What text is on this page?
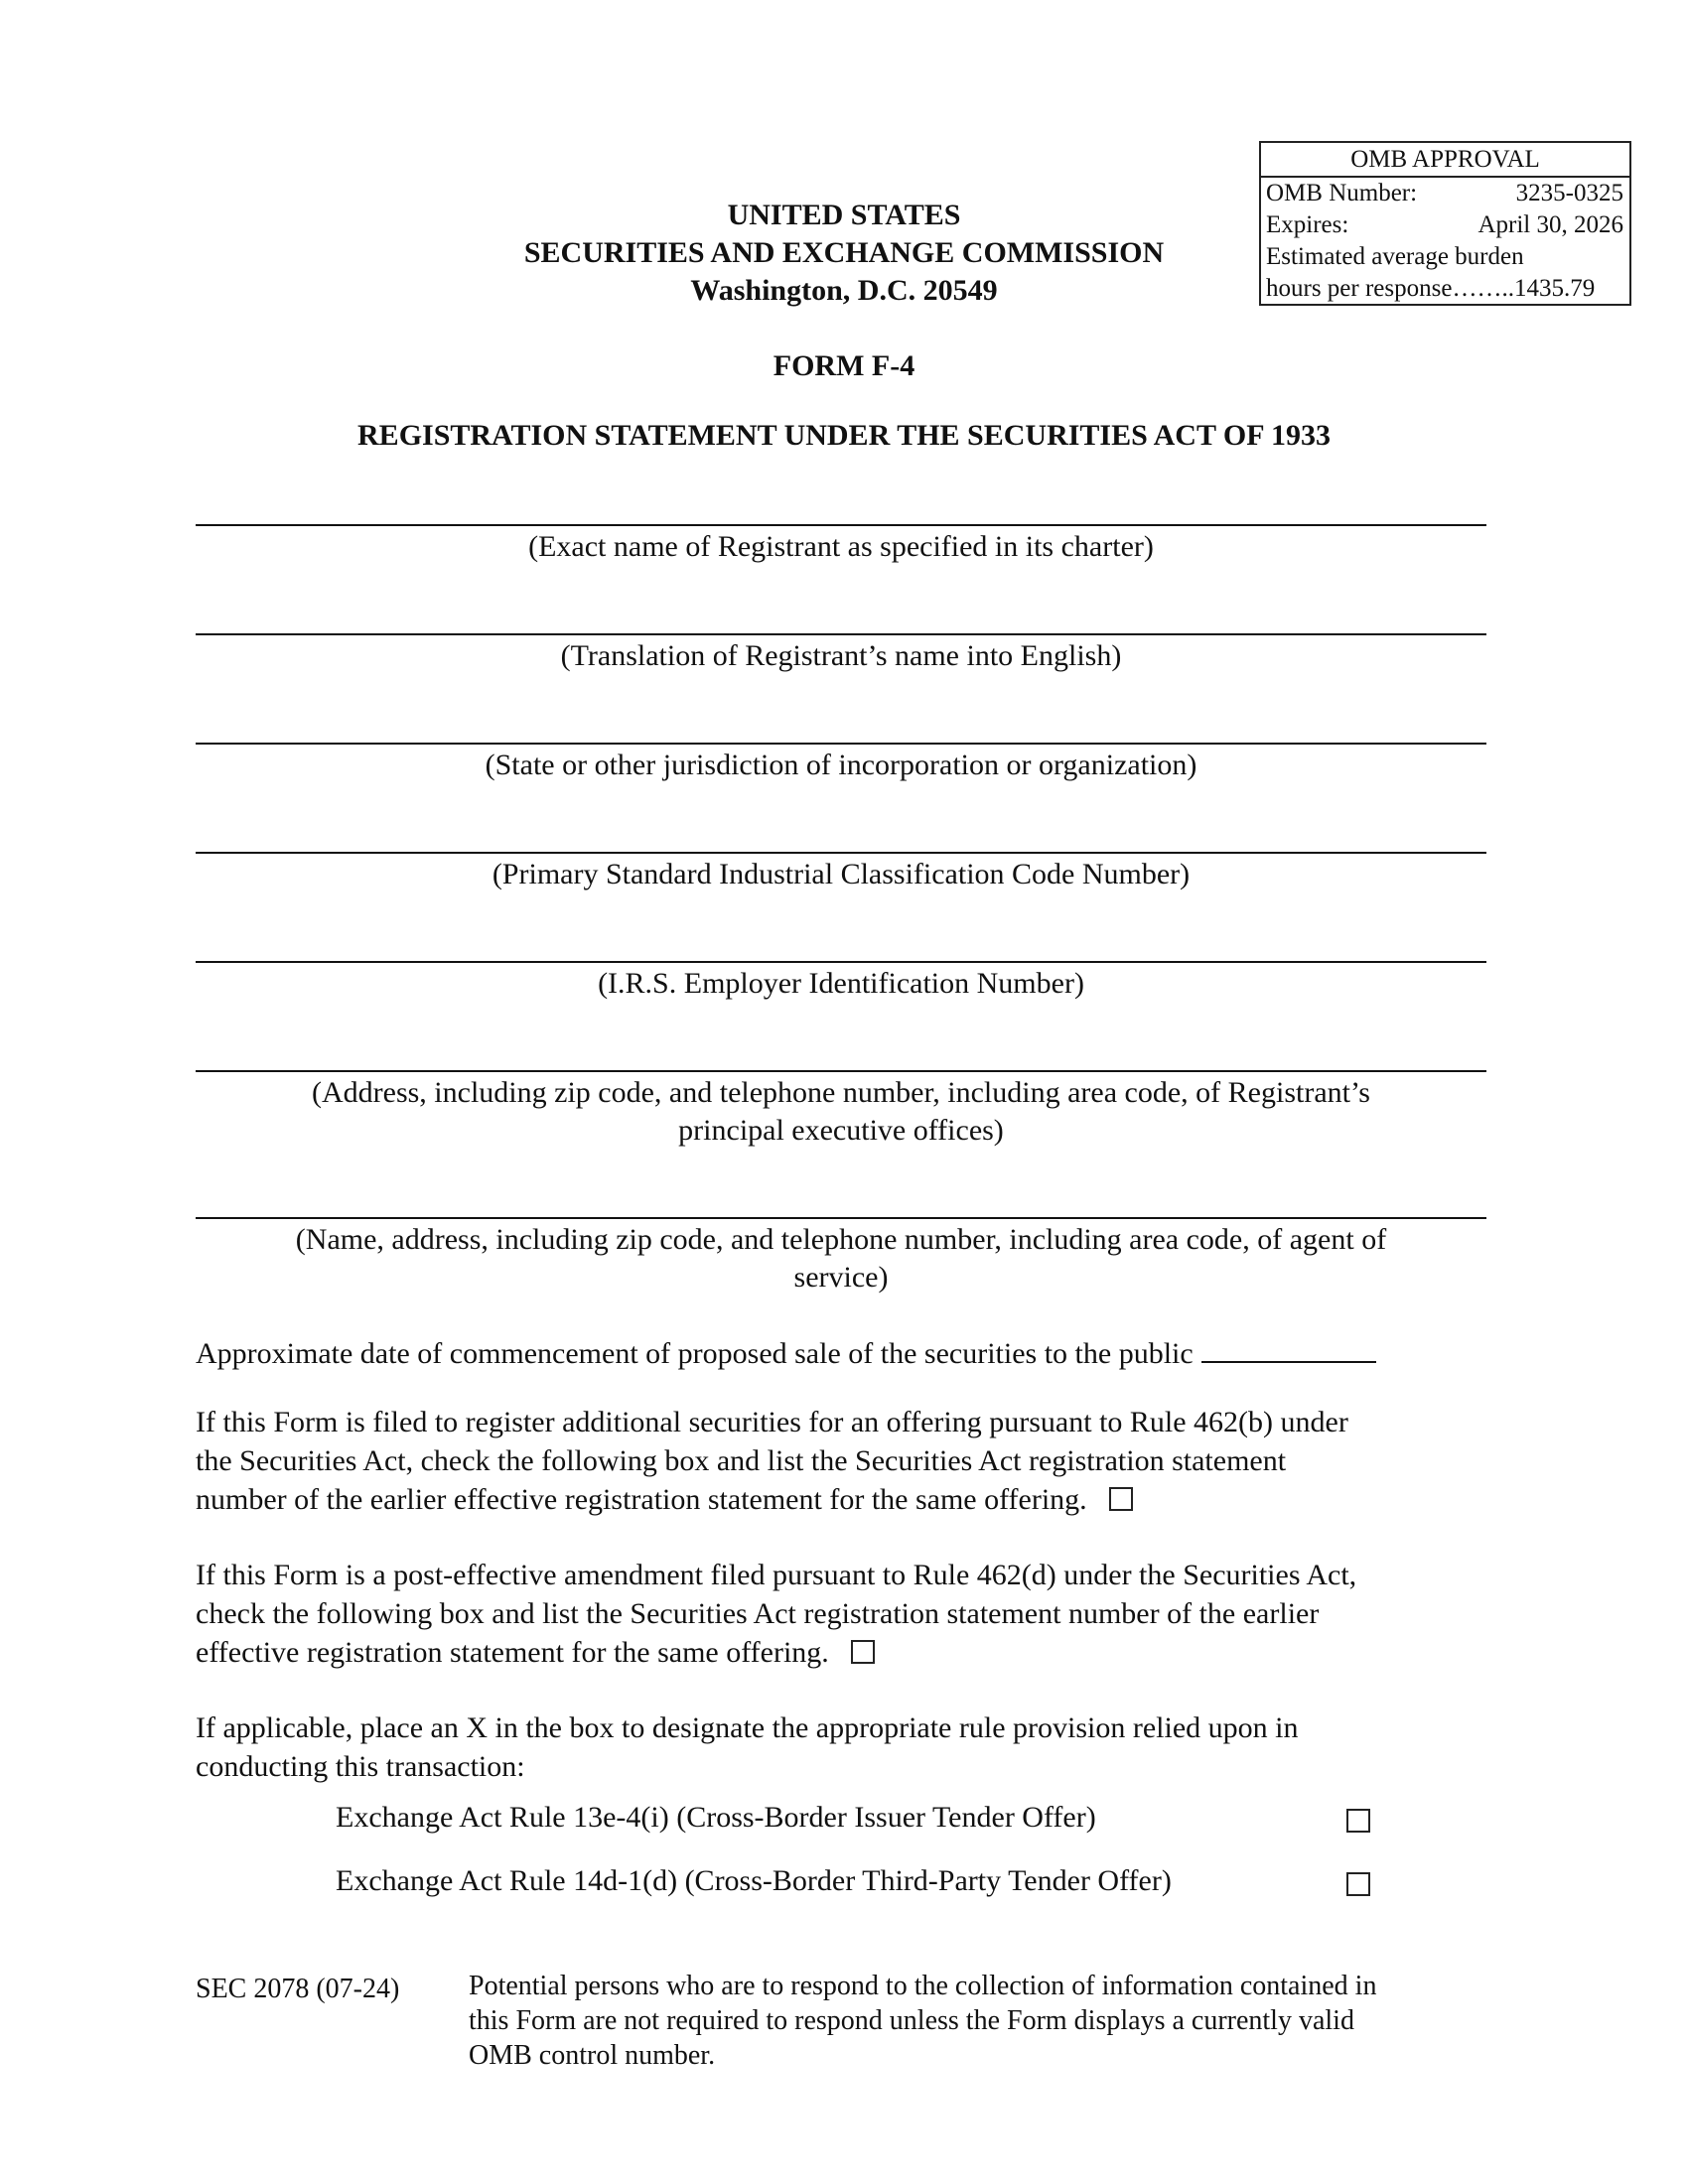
OMB APPROVAL
OMB Number:	3235-0325
Expires:	April 30, 2026
Estimated average burden
hours per response……..1435.79
UNITED STATES
SECURITIES AND EXCHANGE COMMISSION
Washington, D.C. 20549
FORM F-4
REGISTRATION STATEMENT UNDER THE SECURITIES ACT OF 1933
(Exact name of Registrant as specified in its charter)
(Translation of Registrant’s name into English)
(State or other jurisdiction of incorporation or organization)
(Primary Standard Industrial Classification Code Number)
(I.R.S. Employer Identification Number)
(Address, including zip code, and telephone number, including area code, of Registrant’s
principal executive offices)
(Name, address, including zip code, and telephone number, including area code, of agent of
service)
Approximate date of commencement of proposed sale of the securities to the public
If this Form is filed to register additional securities for an offering pursuant to Rule 462(b) under
the Securities Act, check the following box and list the Securities Act registration statement
number of the earlier effective registration statement for the same offering.
If this Form is a post-effective amendment filed pursuant to Rule 462(d) under the Securities Act,
check the following box and list the Securities Act registration statement number of the earlier
effective registration statement for the same offering.
If applicable, place an X in the box to designate the appropriate rule provision relied upon in
conducting this transaction:
Exchange Act Rule 13e-4(i) (Cross-Border Issuer Tender Offer)
Exchange Act Rule 14d-1(d) (Cross-Border Third-Party Tender Offer)
SEC 2078 (07-24) Potential persons who are to respond to the collection of information contained in
this Form are not required to respond unless the Form displays a currently valid
OMB control number.
